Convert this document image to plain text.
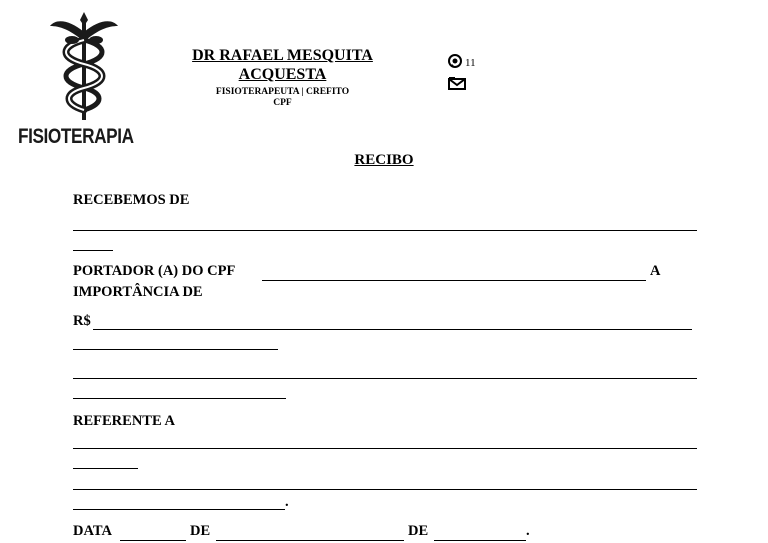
FISIOTERAPIA
DR RAFAEL MESQUITA ACQUESTA
FISIOTERAPEUTA | CREFITO
CPF
11
RECIBO
RECEBEMOS DE
PORTADOR (A) DO CPF	A
IMPORTÂNCIA DE
R$
REFERENTE A
.
DATA	DE	DE	.
